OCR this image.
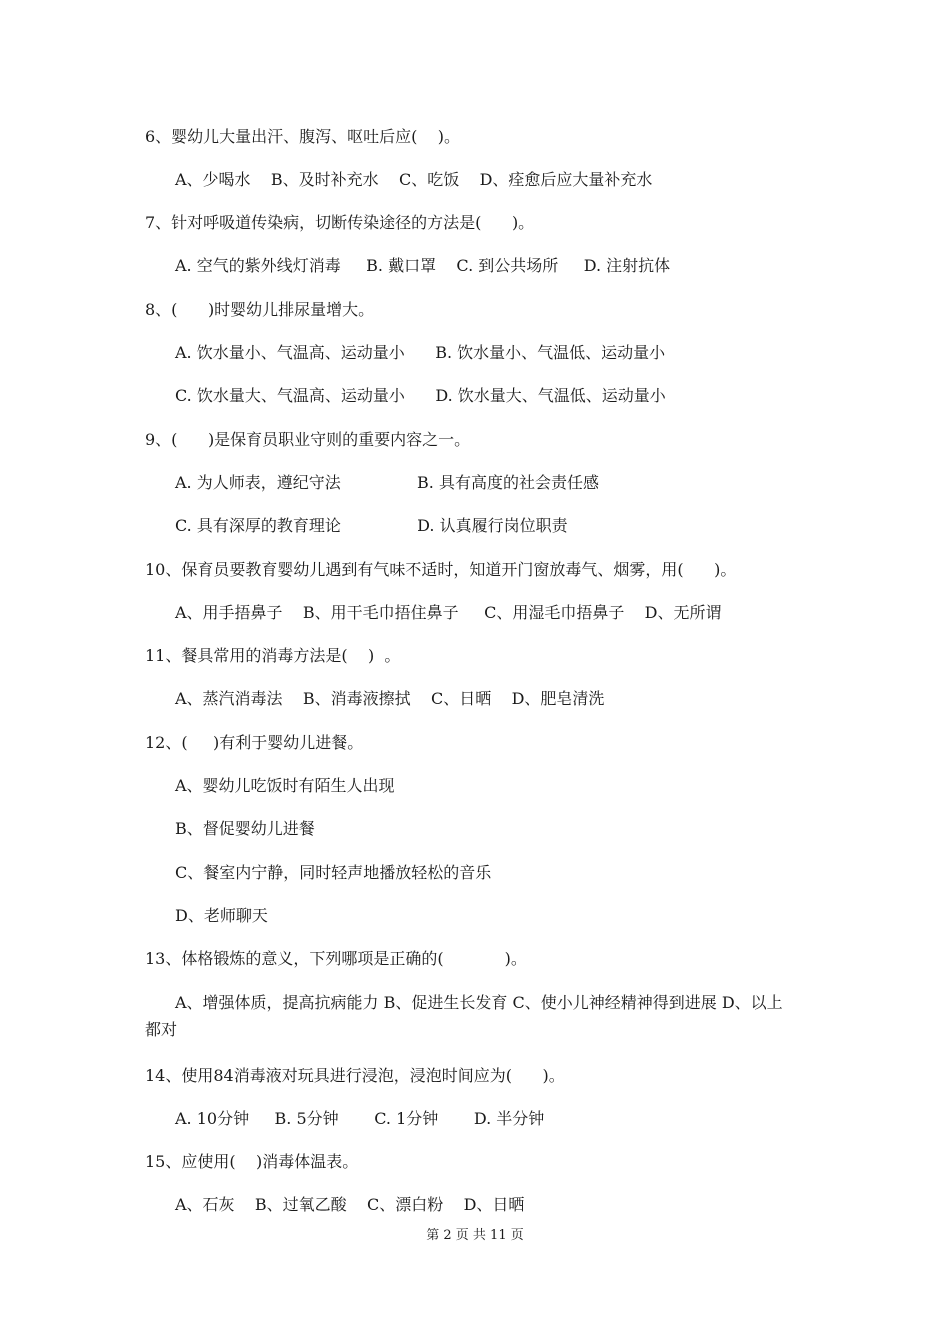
6、婴幼儿大量出汗、腹泻、呕吐后应(    )。
A、少喝水    B、及时补充水    C、吃饭    D、痊愈后应大量补充水
7、针对呼吸道传染病，切断传染途径的方法是(      )。
A. 空气的紫外线灯消毒     B. 戴口罩    C. 到公共场所     D. 注射抗体
8、(      )时婴幼儿排尿量增大。
A. 饮水量小、气温高、运动量小      B. 饮水量小、气温低、运动量小
C. 饮水量大、气温高、运动量小      D. 饮水量大、气温低、运动量小
9、(      )是保育员职业守则的重要内容之一。
A. 为人师表，遵纪守法               B. 具有高度的社会责任感
C. 具有深厚的教育理论               D. 认真履行岗位职责
10、保育员要教育婴幼儿遇到有气味不适时，知道开门窗放毒气、烟雾，用(      )。
A、用手捂鼻子    B、用干毛巾捂住鼻子     C、用湿毛巾捂鼻子    D、无所谓
11、餐具常用的消毒方法是(    )  。
A、蒸汽消毒法    B、消毒液擦拭    C、日晒    D、肥皂清洗
12、(     )有利于婴幼儿进餐。
A、婴幼儿吃饭时有陌生人出现
B、督促婴幼儿进餐
C、餐室内宁静，同时轻声地播放轻松的音乐
D、老师聊天
13、体格锻炼的意义，下列哪项是正确的(            )。
A、增强体质，提高抗病能力 B、促进生长发育 C、使小儿神经精神得到进展 D、以上
都对
14、使用84消毒液对玩具进行浸泡，浸泡时间应为(      )。
A. 10分钟     B. 5分钟       C. 1分钟       D. 半分钟
15、应使用(    )消毒体温表。
A、石灰    B、过氧乙酸    C、漂白粉    D、日晒
第 2 页 共 11 页
